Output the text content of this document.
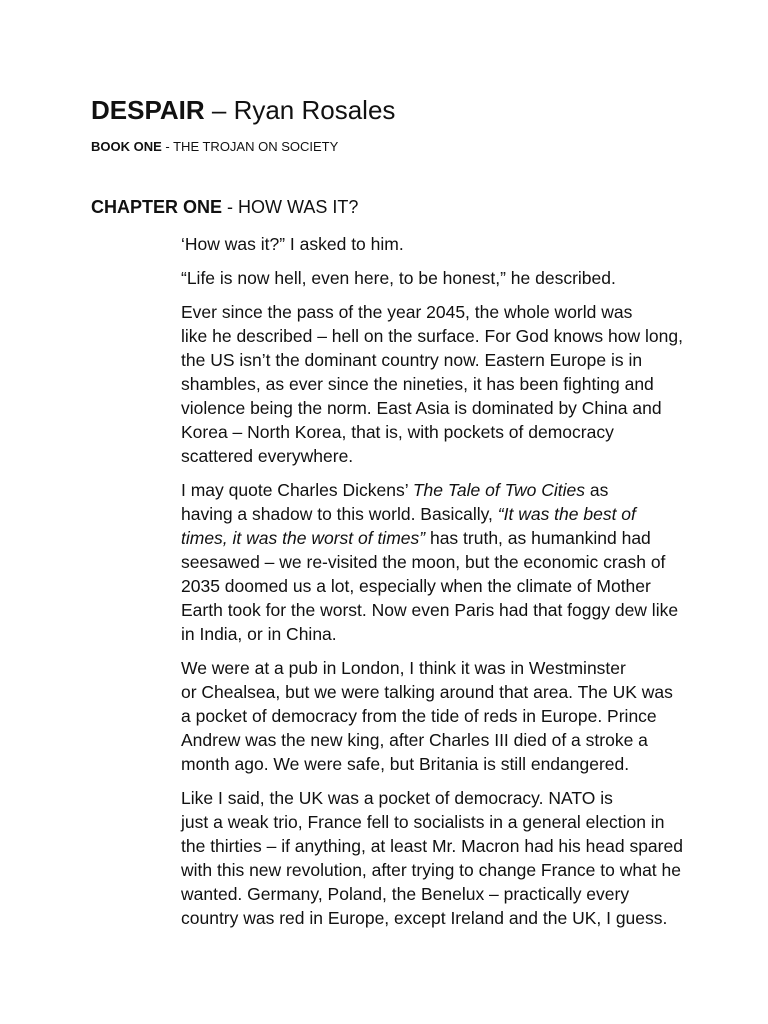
DESPAIR – Ryan Rosales
BOOK ONE - THE TROJAN ON SOCIETY
CHAPTER ONE - HOW WAS IT?

‘How was it?” I asked to him.

“Life is now hell, even here, to be honest,” he described.

Ever since the pass of the year 2045, the whole world was
like he described – hell on the surface. For God knows how long,
the US isn’t the dominant country now. Eastern Europe is in
shambles, as ever since the nineties, it has been fighting and
violence being the norm. East Asia is dominated by China and
Korea – North Korea, that is, with pockets of democracy
scattered everywhere.

I may quote Charles Dickens’ The Tale of Two Cities as
having a shadow to this world. Basically, “It was the best of
times, it was the worst of times” has truth, as humankind had
seesawed – we re-visited the moon, but the economic crash of
2035 doomed us a lot, especially when the climate of Mother
Earth took for the worst. Now even Paris had that foggy dew like
in India, or in China.

We were at a pub in London, I think it was in Westminster
or Chealsea, but we were talking around that area. The UK was
a pocket of democracy from the tide of reds in Europe. Prince
Andrew was the new king, after Charles III died of a stroke a
month ago. We were safe, but Britania is still endangered.

Like I said, the UK was a pocket of democracy. NATO is
just a weak trio, France fell to socialists in a general election in
the thirties – if anything, at least Mr. Macron had his head spared
with this new revolution, after trying to change France to what he
wanted. Germany, Poland, the Benelux – practically every
country was red in Europe, except Ireland and the UK, I guess.
